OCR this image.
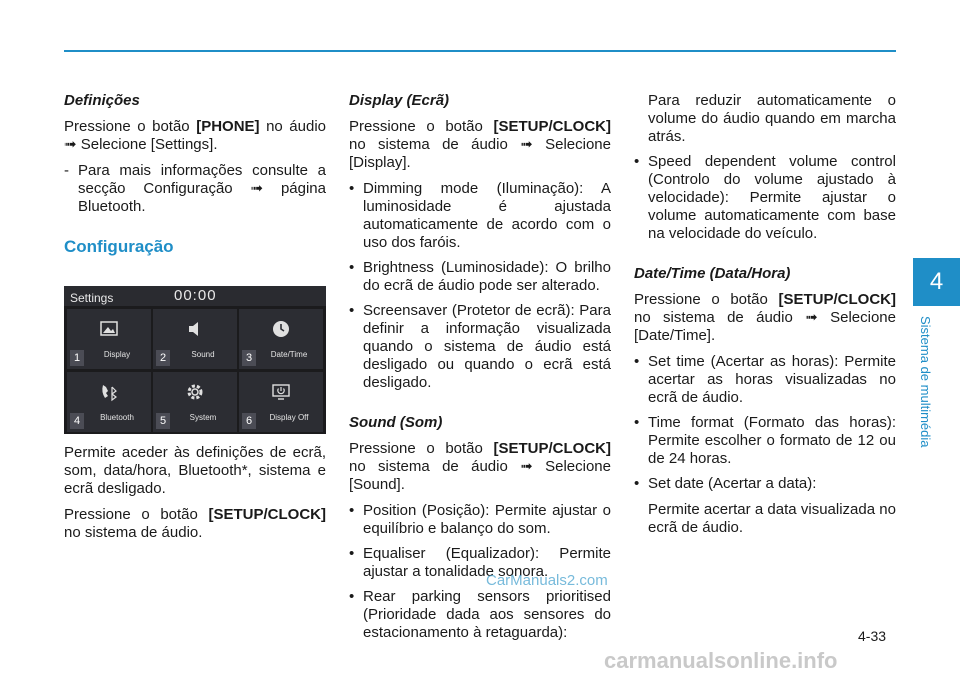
Definições

Pressione o botão [PHONE] no áudio ➟ Selecione [Settings].

- Para mais informações consulte a secção Configuração ➟ página Bluetooth.
Configuração
Settings	00:00
1	Display	2	Sound	3	Date/Time
4	Bluetooth	5	System	6	Display Off

Permite aceder às definições de ecrã, som, data/hora, Bluetooth*, sistema e ecrã desligado.

Pressione o botão [SETUP/CLOCK] no sistema de áudio.

Display (Ecrã)

Pressione o botão [SETUP/CLOCK] no sistema de áudio ➟ Selecione [Display].

• Dimming mode (Iluminação): A luminosidade é ajustada automaticamente de acordo com o uso dos faróis.
• Brightness (Luminosidade): O brilho do ecrã de áudio pode ser alterado.
• Screensaver (Protetor de ecrã): Para definir a informação visualizada quando o sistema de áudio está desligado ou quando o ecrã está desligado.
Sound (Som)

Pressione o botão [SETUP/CLOCK] no sistema de áudio ➟ Selecione [Sound].

• Position (Posição): Permite ajustar o equilíbrio e balanço do som.
• Equaliser (Equalizador): Permite ajustar a tonalidade sonora.
• Rear parking sensors prioritised (Prioridade dada aos sensores do estacionamento à retaguarda):
Para reduzir automaticamente o volume do áudio quando em marcha atrás.
• Speed dependent volume control (Controlo do volume ajustado à velocidade): Permite ajustar o volume automaticamente com base na velocidade do veículo.
Date/Time (Data/Hora)

Pressione o botão [SETUP/CLOCK] no sistema de áudio ➟ Selecione [Date/Time].

• Set time (Acertar as horas): Permite acertar as horas visualizadas no ecrã de áudio.
• Time format (Formato das horas): Permite escolher o formato de 12 ou de 24 horas.
• Set date (Acertar a data):
Permite acertar a data visualizada no ecrã de áudio.
4
Sistema de multimédia
4-33
CarManuals2.com
carmanualsonline.info
